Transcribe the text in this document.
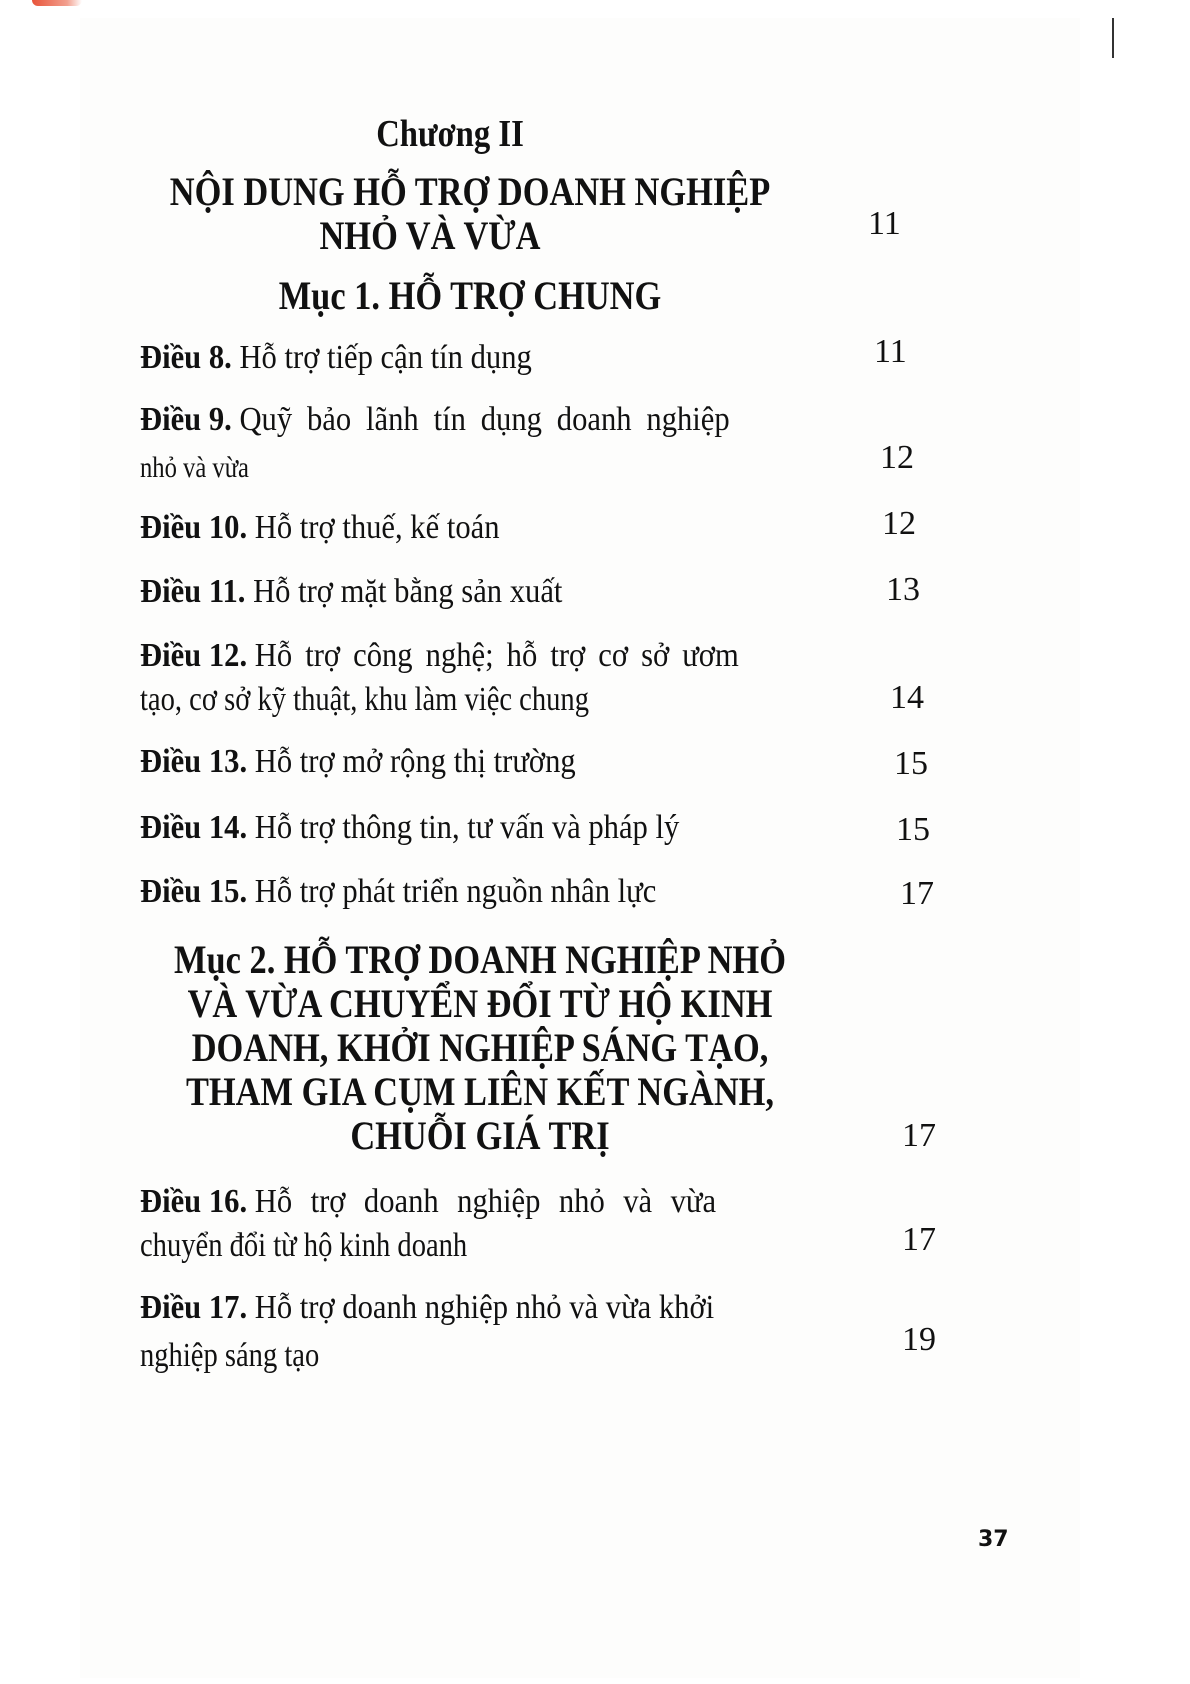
Chương II
NỘI DUNG HỖ TRỢ DOANH NGHIỆP
NHỎ VÀ VỪA	11
Mục 1. HỖ TRỢ CHUNG
Điều 8. Hỗ trợ tiếp cận tín dụng	11
Điều 9. Quỹ bảo lãnh tín dụng doanh nghiệp
nhỏ và vừa	12
Điều 10. Hỗ trợ thuế, kế toán	12
Điều 11. Hỗ trợ mặt bằng sản xuất	13
Điều 12. Hỗ trợ công nghệ; hỗ trợ cơ sở ươm
tạo, cơ sở kỹ thuật, khu làm việc chung	14
Điều 13. Hỗ trợ mở rộng thị trường	15
Điều 14. Hỗ trợ thông tin, tư vấn và pháp lý	15
Điều 15. Hỗ trợ phát triển nguồn nhân lực	17
Mục 2. HỖ TRỢ DOANH NGHIỆP NHỎ
VÀ VỪA CHUYỂN ĐỔI TỪ HỘ KINH
DOANH, KHỞI NGHIỆP SÁNG TẠO,
THAM GIA CỤM LIÊN KẾT NGÀNH,
CHUỖI GIÁ TRỊ	17
Điều 16. Hỗ trợ doanh nghiệp nhỏ và vừa
chuyển đổi từ hộ kinh doanh	17
Điều 17. Hỗ trợ doanh nghiệp nhỏ và vừa khởi
nghiệp sáng tạo	19
37
